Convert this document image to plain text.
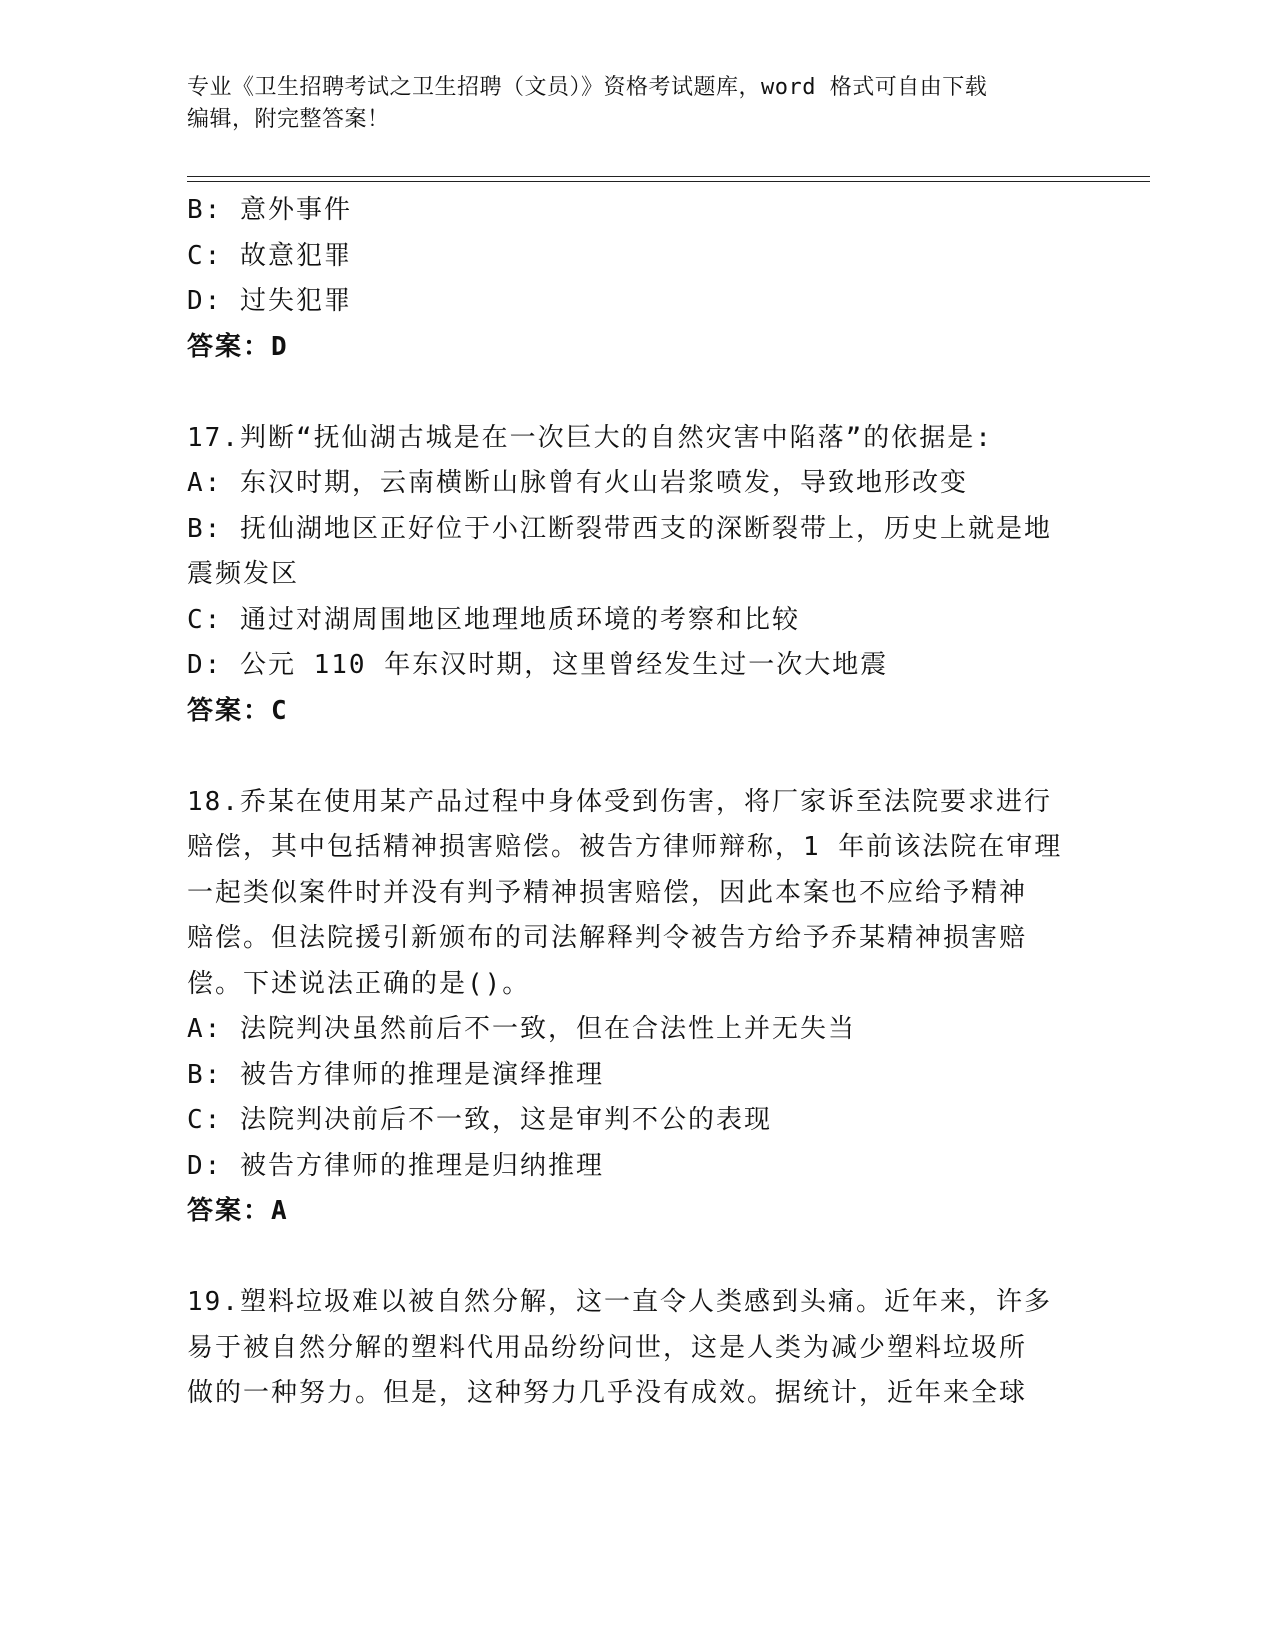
专业《卫生招聘考试之卫生招聘（文员）》资格考试题库，word 格式可自由下载
编辑，附完整答案！
B: 意外事件
C: 故意犯罪
D: 过失犯罪
答案：D
17.判断“抚仙湖古城是在一次巨大的自然灾害中陷落”的依据是:
A: 东汉时期，云南横断山脉曾有火山岩浆喷发，导致地形改变
B: 抚仙湖地区正好位于小江断裂带西支的深断裂带上，历史上就是地
震频发区
C: 通过对湖周围地区地理地质环境的考察和比较
D: 公元 110 年东汉时期，这里曾经发生过一次大地震
答案：C
18.乔某在使用某产品过程中身体受到伤害，将厂家诉至法院要求进行
赔偿，其中包括精神损害赔偿。被告方律师辩称，1 年前该法院在审理
一起类似案件时并没有判予精神损害赔偿，因此本案也不应给予精神
赔偿。但法院援引新颁布的司法解释判令被告方给予乔某精神损害赔
偿。下述说法正确的是()。
A: 法院判决虽然前后不一致，但在合法性上并无失当
B: 被告方律师的推理是演绎推理
C: 法院判决前后不一致，这是审判不公的表现
D: 被告方律师的推理是归纳推理
答案：A
19.塑料垃圾难以被自然分解，这一直令人类感到头痛。近年来，许多
易于被自然分解的塑料代用品纷纷问世，这是人类为减少塑料垃圾所
做的一种努力。但是，这种努力几乎没有成效。据统计，近年来全球
